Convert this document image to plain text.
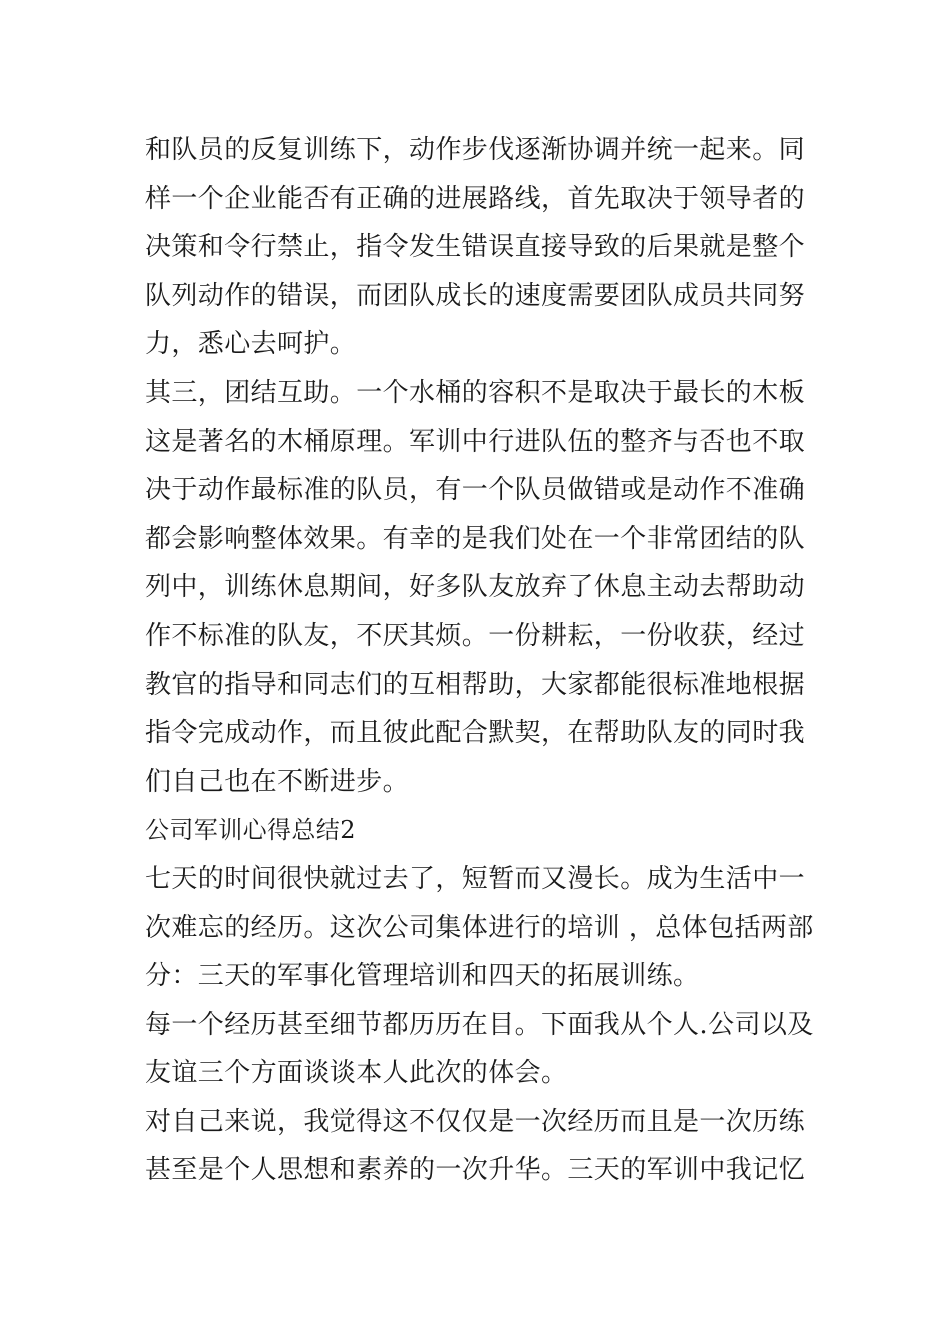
和队员的反复训练下，动作步伐逐渐协调并统一起来。同
样一个企业能否有正确的进展路线，首先取决于领导者的
决策和令行禁止，指令发生错误直接导致的后果就是整个
队列动作的错误，而团队成长的速度需要团队成员共同努
力，悉心去呵护。
其三，团结互助。一个水桶的容积不是取决于最长的木板
这是著名的木桶原理。军训中行进队伍的整齐与否也不取
决于动作最标准的队员，有一个队员做错或是动作不准确
都会影响整体效果。有幸的是我们处在一个非常团结的队
列中，训练休息期间，好多队友放弃了休息主动去帮助动
作不标准的队友，不厌其烦。一份耕耘，一份收获，经过
教官的指导和同志们的互相帮助，大家都能很标准地根据
指令完成动作，而且彼此配合默契，在帮助队友的同时我
们自己也在不断进步。
公司军训心得总结2
七天的时间很快就过去了，短暂而又漫长。成为生活中一
次难忘的经历。这次公司集体进行的培训 ，总体包括两部
分：三天的军事化管理培训和四天的拓展训练。
每一个经历甚至细节都历历在目。下面我从个人.公司以及
友谊三个方面谈谈本人此次的体会。
对自己来说，我觉得这不仅仅是一次经历而且是一次历练
甚至是个人思想和素养的一次升华。三天的军训中我记忆
